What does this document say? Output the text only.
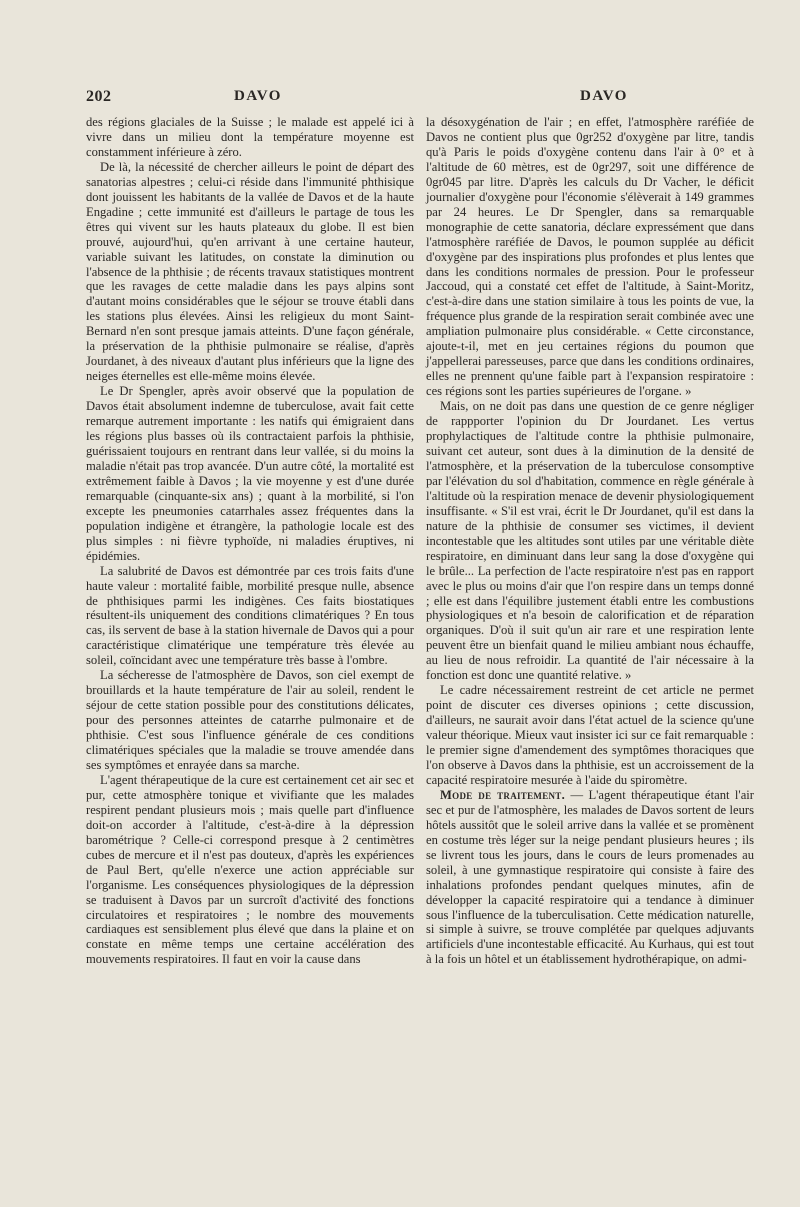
202	DAVO	DAVO

des régions glaciales de la Suisse ; le malade est appelé ici à vivre dans un milieu dont la température moyenne est constamment inférieure à zéro.

De là, la nécessité de chercher ailleurs le point de départ des sanatorias alpestres ; celui-ci réside dans l'immunité phthisique dont jouissent les habitants de la vallée de Davos et de la haute Engadine ; cette immunité est d'ailleurs le partage de tous les êtres qui vivent sur les hauts plateaux du globe. Il est bien prouvé, aujourd'hui, qu'en arrivant à une certaine hauteur, variable suivant les latitudes, on constate la diminution ou l'absence de la phthisie ; de récents travaux statistiques montrent que les ravages de cette maladie dans les pays alpins sont d'autant moins considérables que le séjour se trouve établi dans les stations plus élevées. Ainsi les religieux du mont Saint-Bernard n'en sont presque jamais atteints. D'une façon générale, la préservation de la phthisie pulmonaire se réalise, d'après Jourdanet, à des niveaux d'autant plus inférieurs que la ligne des neiges éternelles est elle-même moins élevée.

Le Dr Spengler, après avoir observé que la population de Davos était absolument indemne de tuberculose, avait fait cette remarque autrement importante : les natifs qui émigraient dans les régions plus basses où ils contractaient parfois la phthisie, guérissaient toujours en rentrant dans leur vallée, si du moins la maladie n'était pas trop avancée. D'un autre côté, la mortalité est extrêmement faible à Davos ; la vie moyenne y est d'une durée remarquable (cinquante-six ans) ; quant à la morbilité, si l'on excepte les pneumonies catarrhales assez fréquentes dans la population indigène et étrangère, la pathologie locale est des plus simples : ni fièvre typhoïde, ni maladies éruptives, ni épidémies.

La salubrité de Davos est démontrée par ces trois faits d'une haute valeur : mortalité faible, morbilité presque nulle, absence de phthisiques parmi les indigènes. Ces faits biostatiques résultent-ils uniquement des conditions climatériques ? En tous cas, ils servent de base à la station hivernale de Davos qui a pour caractéristique climatérique une température très élevée au soleil, coïncidant avec une température très basse à l'ombre.

La sécheresse de l'atmosphère de Davos, son ciel exempt de brouillards et la haute température de l'air au soleil, rendent le séjour de cette station possible pour des constitutions délicates, pour des personnes atteintes de catarrhe pulmonaire et de phthisie. C'est sous l'influence générale de ces conditions climatériques spéciales que la maladie se trouve amendée dans ses symptômes et enrayée dans sa marche.

L'agent thérapeutique de la cure est certainement cet air sec et pur, cette atmosphère tonique et vivifiante que les malades respirent pendant plusieurs mois ; mais quelle part d'influence doit-on accorder à l'altitude, c'est-à-dire à la dépression barométrique ? Celle-ci correspond presque à 2 centimètres cubes de mercure et il n'est pas douteux, d'après les expériences de Paul Bert, qu'elle n'exerce une action appréciable sur l'organisme. Les conséquences physiologiques de la dépression se traduisent à Davos par un surcroît d'activité des fonctions circulatoires et respiratoires ; le nombre des mouvements cardiaques est sensiblement plus élevé que dans la plaine et on constate en même temps une certaine accélération des mouvements respiratoires. Il faut en voir la cause dans

la désoxygénation de l'air ; en effet, l'atmosphère raréfiée de Davos ne contient plus que 0gr252 d'oxygène par litre, tandis qu'à Paris le poids d'oxygène contenu dans l'air à 0° et à l'altitude de 60 mètres, est de 0gr297, soit une différence de 0gr045 par litre. D'après les calculs du Dr Vacher, le déficit journalier d'oxygène pour l'économie s'élèverait à 149 grammes par 24 heures. Le Dr Spengler, dans sa remarquable monographie de cette sanatoria, déclare expressément que dans l'atmosphère raréfiée de Davos, le poumon supplée au déficit d'oxygène par des inspirations plus profondes et plus lentes que dans les conditions normales de pression. Pour le professeur Jaccoud, qui a constaté cet effet de l'altitude, à Saint-Moritz, c'est-à-dire dans une station similaire à tous les points de vue, la fréquence plus grande de la respiration serait combinée avec une ampliation pulmonaire plus considérable. « Cette circonstance, ajoute-t-il, met en jeu certaines régions du poumon que j'appellerai paresseuses, parce que dans les conditions ordinaires, elles ne prennent qu'une faible part à l'expansion respiratoire : ces régions sont les parties supérieures de l'organe. »

Mais, on ne doit pas dans une question de ce genre négliger de rappporter l'opinion du Dr Jourdanet. Les vertus prophylactiques de l'altitude contre la phthisie pulmonaire, suivant cet auteur, sont dues à la diminution de la densité de l'atmosphère, et la préservation de la tuberculose consomptive par l'élévation du sol d'habitation, commence en règle générale à l'altitude où la respiration menace de devenir physiologiquement insuffisante. « S'il est vrai, écrit le Dr Jourdanet, qu'il est dans la nature de la phthisie de consumer ses victimes, il devient incontestable que les altitudes sont utiles par une véritable diète respiratoire, en diminuant dans leur sang la dose d'oxygène qui le brûle... La perfection de l'acte respiratoire n'est pas en rapport avec le plus ou moins d'air que l'on respire dans un temps donné ; elle est dans l'équilibre justement établi entre les combustions physiologiques et n'a besoin de calorification et de réparation organiques. D'où il suit qu'un air rare et une respiration lente peuvent être un bienfait quand le milieu ambiant nous échauffe, au lieu de nous refroidir. La quantité de l'air nécessaire à la fonction est donc une quantité relative. »

Le cadre nécessairement restreint de cet article ne permet point de discuter ces diverses opinions ; cette discussion, d'ailleurs, ne saurait avoir dans l'état actuel de la science qu'une valeur théorique. Mieux vaut insister ici sur ce fait remarquable : le premier signe d'amendement des symptômes thoraciques que l'on observe à Davos dans la phthisie, est un accroissement de la capacité respiratoire mesurée à l'aide du spiromètre.

Mode de traitement. — L'agent thérapeutique étant l'air sec et pur de l'atmosphère, les malades de Davos sortent de leurs hôtels aussitôt que le soleil arrive dans la vallée et se promènent en costume très léger sur la neige pendant plusieurs heures ; ils se livrent tous les jours, dans le cours de leurs promenades au soleil, à une gymnastique respiratoire qui consiste à faire des inhalations profondes pendant quelques minutes, afin de développer la capacité respiratoire qui a tendance à diminuer sous l'influence de la tuberculisation. Cette médication naturelle, si simple à suivre, se trouve complétée par quelques adjuvants artificiels d'une incontestable efficacité. Au Kurhaus, qui est tout à la fois un hôtel et un établissement hydrothérapique, on admi-
